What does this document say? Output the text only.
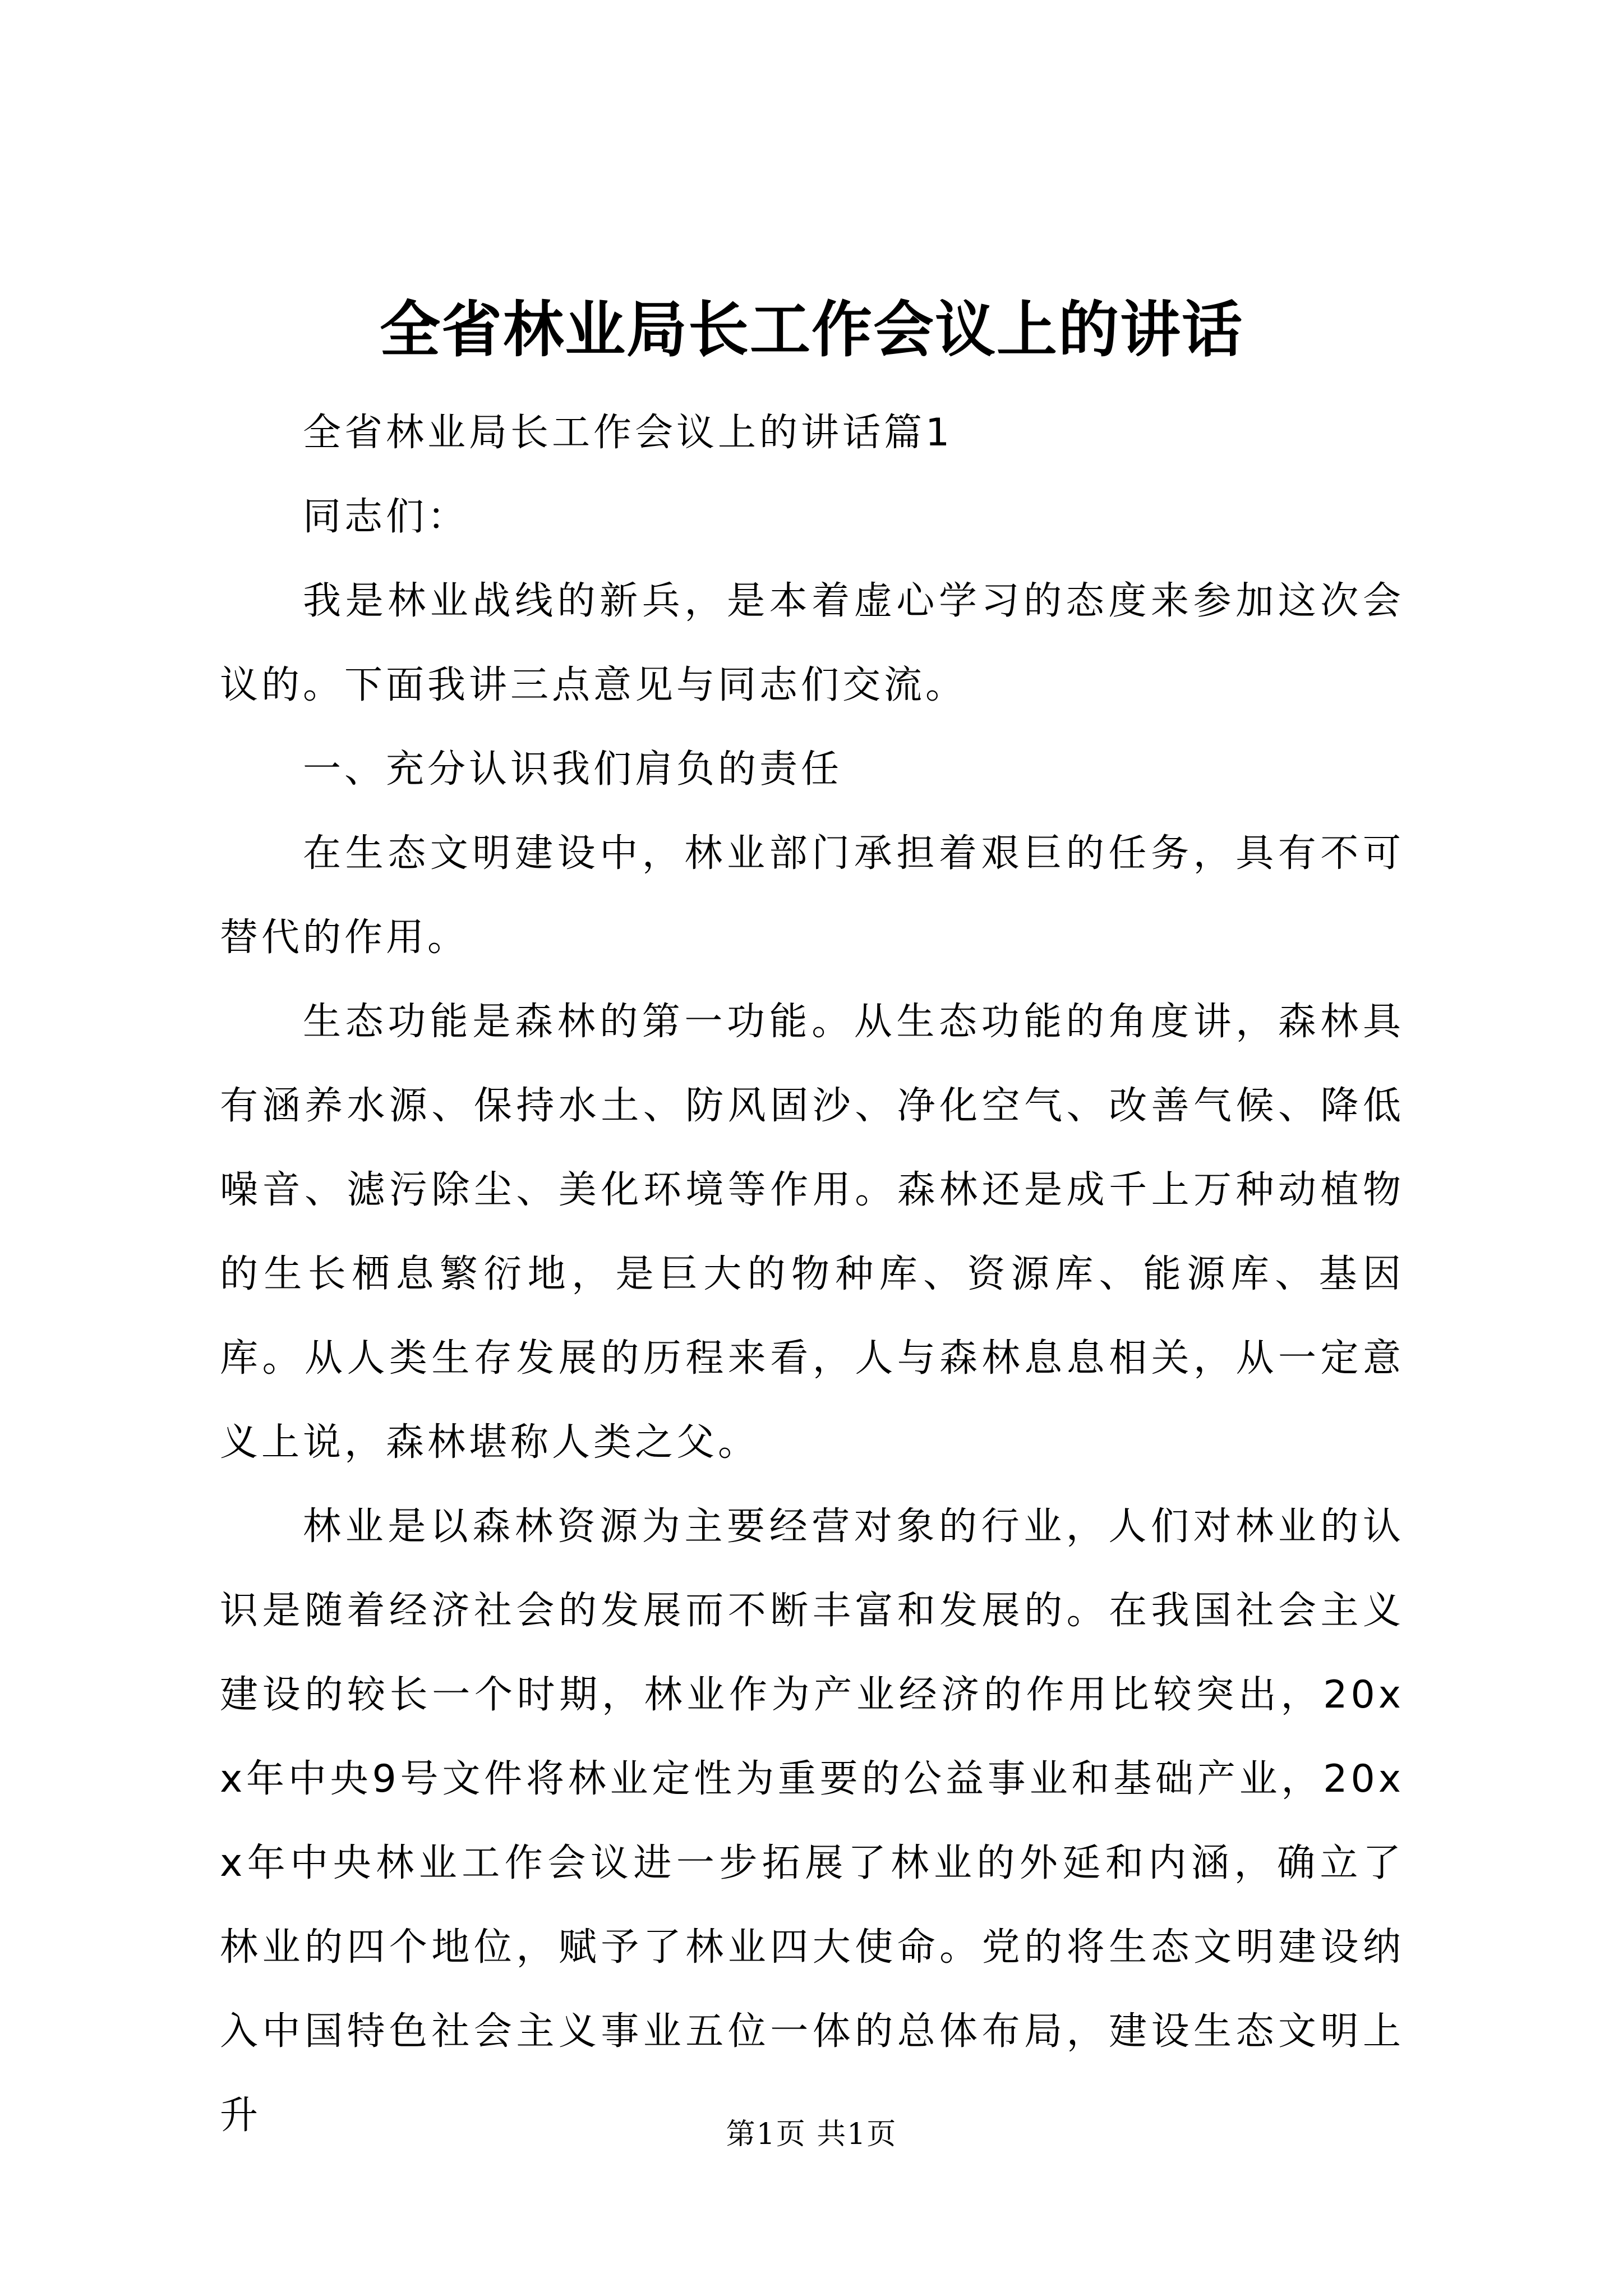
全省林业局长工作会议上的讲话

全省林业局长工作会议上的讲话篇1

同志们：

我是林业战线的新兵，是本着虚心学习的态度来参加这次会议的。下面我讲三点意见与同志们交流。

一、充分认识我们肩负的责任

在生态文明建设中，林业部门承担着艰巨的任务，具有不可替代的作用。

生态功能是森林的第一功能。从生态功能的角度讲，森林具有涵养水源、保持水土、防风固沙、净化空气、改善气候、降低噪音、滤污除尘、美化环境等作用。森林还是成千上万种动植物的生长栖息繁衍地，是巨大的物种库、资源库、能源库、基因库。从人类生存发展的历程来看，人与森林息息相关，从一定意义上说，森林堪称人类之父。

林业是以森林资源为主要经营对象的行业，人们对林业的认识是随着经济社会的发展而不断丰富和发展的。在我国社会主义建设的较长一个时期，林业作为产业经济的作用比较突出，20xx年中央9号文件将林业定性为重要的公益事业和基础产业，20xx年中央林业工作会议进一步拓展了林业的外延和内涵，确立了林业的四个地位，赋予了林业四大使命。党的将生态文明建设纳入中国特色社会主义事业五位一体的总体布局，建设生态文明上升	第1页 共1页
